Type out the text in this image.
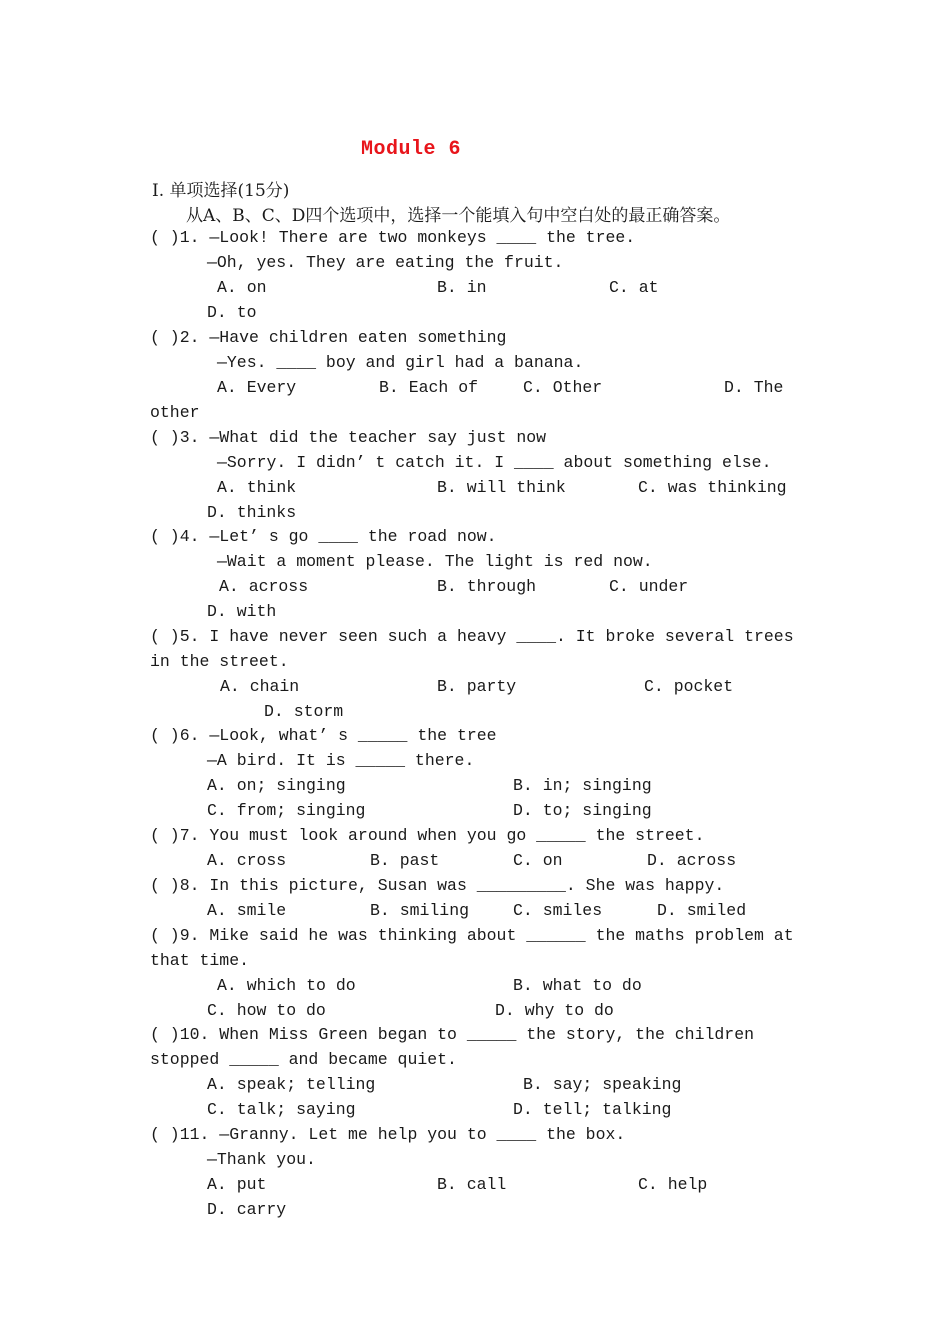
Module 6
Ⅰ. 单项选择(15分)
从A、B、C、D四个选项中，选择一个能填入句中空白处的最正确答案。
( )1. —Look! There are two monkeys ____ the tree.
—Oh, yes. They are eating the fruit.
A. on	B. in	C. at
D. to
( )2. —Have children eaten something
—Yes. ____ boy and girl had a banana.
A. Every	B. Each of	C. Other	D. The
other
( )3. —What did the teacher say just now
—Sorry. I didn’ t catch it. I ____ about something else.
A. think	B. will think	C. was thinking
D. thinks
( )4. —Let’ s go ____ the road now.
—Wait a moment please. The light is red now.
A. across	B. through	C. under
D. with
( )5. I have never seen such a heavy ____. It broke several trees
in the street.
A. chain	B. party	C. pocket
D. storm
( )6. —Look, what’ s _____ the tree
—A bird. It is _____ there.
A. on; singing	B. in; singing
C. from; singing	D. to; singing
( )7. You must look around when you go _____ the street.
A. cross	B. past	C. on	D. across
( )8. In this picture, Susan was _________. She was happy.
A. smile	B. smiling	C. smiles	D. smiled
( )9. Mike said he was thinking about ______ the maths problem at
that time.
A. which to do	B. what to do
C. how to do	D. why to do
( )10. When Miss Green began to _____ the story, the children
stopped _____ and became quiet.
A. speak; telling	B. say; speaking
C. talk; saying	D. tell; talking
( )11. —Granny. Let me help you to ____ the box.
—Thank you.
A. put	B. call	C. help
D. carry
